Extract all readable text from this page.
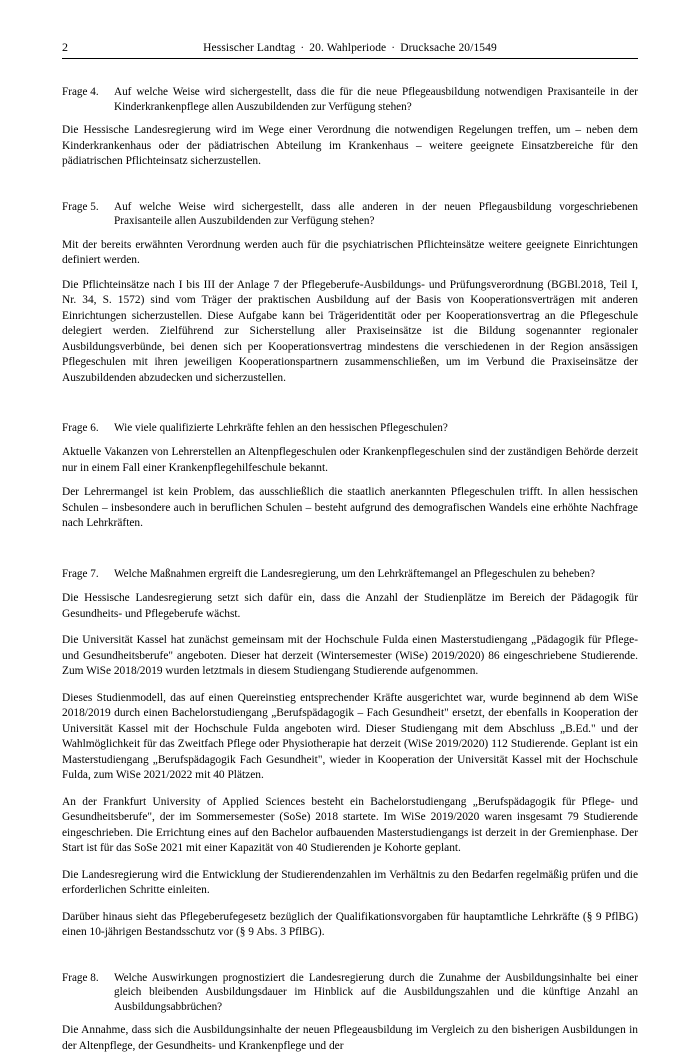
2	Hessischer Landtag · 20. Wahlperiode · Drucksache 20/1549
Frage 4.	Auf welche Weise wird sichergestellt, dass die für die neue Pflegeausbildung notwendigen Praxisanteile in der Kinderkrankenpflege allen Auszubildenden zur Verfügung stehen?

Die Hessische Landesregierung wird im Wege einer Verordnung die notwendigen Regelungen treffen, um – neben dem Kinderkrankenhaus oder der pädiatrischen Abteilung im Krankenhaus – weitere geeignete Einsatzbereiche für den pädiatrischen Pflichteinsatz sicherzustellen.

Frage 5.	Auf welche Weise wird sichergestellt, dass alle anderen in der neuen Pflegausbildung vorgeschriebenen Praxisanteile allen Auszubildenden zur Verfügung stehen?

Mit der bereits erwähnten Verordnung werden auch für die psychiatrischen Pflichteinsätze weitere geeignete Einrichtungen definiert werden.

Die Pflichteinsätze nach I bis III der Anlage 7 der Pflegeberufe-Ausbildungs- und Prüfungsverordnung (BGBl.2018, Teil I, Nr. 34, S. 1572) sind vom Träger der praktischen Ausbildung auf der Basis von Kooperationsverträgen mit anderen Einrichtungen sicherzustellen. Diese Aufgabe kann bei Trägeridentität oder per Kooperationsvertrag an die Pflegeschule delegiert werden. Zielführend zur Sicherstellung aller Praxiseinsätze ist die Bildung sogenannter regionaler Ausbildungsverbünde, bei denen sich per Kooperationsvertrag mindestens die verschiedenen in der Region ansässigen Pflegeschulen mit ihren jeweiligen Kooperationspartnern zusammenschließen, um im Verbund die Praxiseinsätze der Auszubildenden abzudecken und sicherzustellen.

Frage 6.	Wie viele qualifizierte Lehrkräfte fehlen an den hessischen Pflegeschulen?

Aktuelle Vakanzen von Lehrerstellen an Altenpflegeschulen oder Krankenpflegeschulen sind der zuständigen Behörde derzeit nur in einem Fall einer Krankenpflegehilfeschule bekannt.

Der Lehrermangel ist kein Problem, das ausschließlich die staatlich anerkannten Pflegeschulen trifft. In allen hessischen Schulen – insbesondere auch in beruflichen Schulen – besteht aufgrund des demografischen Wandels eine erhöhte Nachfrage nach Lehrkräften.

Frage 7.	Welche Maßnahmen ergreift die Landesregierung, um den Lehrkräftemangel an Pflegeschulen zu beheben?

Die Hessische Landesregierung setzt sich dafür ein, dass die Anzahl der Studienplätze im Bereich der Pädagogik für Gesundheits- und Pflegeberufe wächst.

Die Universität Kassel hat zunächst gemeinsam mit der Hochschule Fulda einen Masterstudiengang „Pädagogik für Pflege- und Gesundheitsberufe" angeboten. Dieser hat derzeit (Wintersemester (WiSe) 2019/2020) 86 eingeschriebene Studierende. Zum WiSe 2018/2019 wurden letztmals in diesem Studiengang Studierende aufgenommen.

Dieses Studienmodell, das auf einen Quereinstieg entsprechender Kräfte ausgerichtet war, wurde beginnend ab dem WiSe 2018/2019 durch einen Bachelorstudiengang „Berufspädagogik – Fach Gesundheit" ersetzt, der ebenfalls in Kooperation der Universität Kassel mit der Hochschule Fulda angeboten wird. Dieser Studiengang mit dem Abschluss „B.Ed." und der Wahlmöglichkeit für das Zweitfach Pflege oder Physiotherapie hat derzeit (WiSe 2019/2020) 112 Studierende. Geplant ist ein Masterstudiengang „Berufspädagogik Fach Gesundheit", wieder in Kooperation der Universität Kassel mit der Hochschule Fulda, zum WiSe 2021/2022 mit 40 Plätzen.

An der Frankfurt University of Applied Sciences besteht ein Bachelorstudiengang „Berufspädagogik für Pflege- und Gesundheitsberufe", der im Sommersemester (SoSe) 2018 startete. Im WiSe 2019/2020 waren insgesamt 79 Studierende eingeschrieben. Die Errichtung eines auf den Bachelor aufbauenden Masterstudiengangs ist derzeit in der Gremienphase. Der Start ist für das SoSe 2021 mit einer Kapazität von 40 Studierenden je Kohorte geplant.

Die Landesregierung wird die Entwicklung der Studierendenzahlen im Verhältnis zu den Bedarfen regelmäßig prüfen und die erforderlichen Schritte einleiten.

Darüber hinaus sieht das Pflegeberufegesetz bezüglich der Qualifikationsvorgaben für hauptamtliche Lehrkräfte (§ 9 PflBG) einen 10-jährigen Bestandsschutz vor (§ 9 Abs. 3 PflBG).

Frage 8.	Welche Auswirkungen prognostiziert die Landesregierung durch die Zunahme der Ausbildungsinhalte bei einer gleich bleibenden Ausbildungsdauer im Hinblick auf die Ausbildungszahlen und die künftige Anzahl an Ausbildungsabbrüchen?

Die Annahme, dass sich die Ausbildungsinhalte der neuen Pflegeausbildung im Vergleich zu den bisherigen Ausbildungen in der Altenpflege, der Gesundheits- und Krankenpflege und der
